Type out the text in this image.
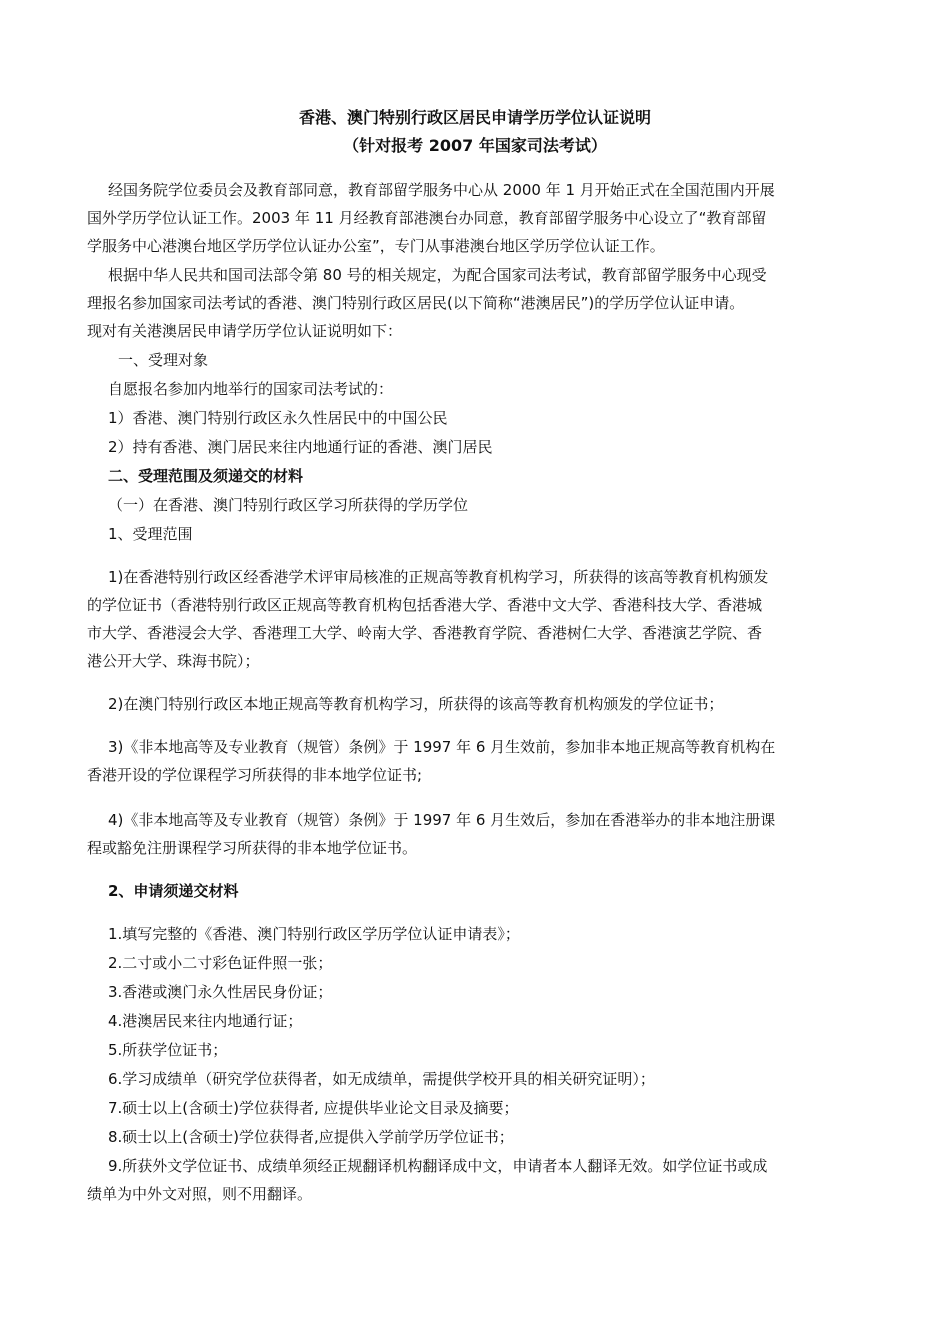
香港、澳门特别行政区居民申请学历学位认证说明
（针对报考 2007 年国家司法考试）
经国务院学位委员会及教育部同意，教育部留学服务中心从 2000 年 1 月开始正式在全国范围内开展
国外学历学位认证工作。2003 年 11 月经教育部港澳台办同意，教育部留学服务中心设立了“教育部留
学服务中心港澳台地区学历学位认证办公室”，专门从事港澳台地区学历学位认证工作。
根据中华人民共和国司法部令第 80 号的相关规定，为配合国家司法考试，教育部留学服务中心现受
理报名参加国家司法考试的香港、澳门特别行政区居民(以下简称“港澳居民”)的学历学位认证申请。
现对有关港澳居民申请学历学位认证说明如下：
一、受理对象
自愿报名参加内地举行的国家司法考试的：
1）香港、澳门特别行政区永久性居民中的中国公民
2）持有香港、澳门居民来往内地通行证的香港、澳门居民
二、受理范围及须递交的材料
（一）在香港、澳门特别行政区学习所获得的学历学位
1、受理范围
1)在香港特别行政区经香港学术评审局核准的正规高等教育机构学习，所获得的该高等教育机构颁发
的学位证书（香港特别行政区正规高等教育机构包括香港大学、香港中文大学、香港科技大学、香港城
市大学、香港浸会大学、香港理工大学、岭南大学、香港教育学院、香港树仁大学、香港演艺学院、香
港公开大学、珠海书院）；
2)在澳门特别行政区本地正规高等教育机构学习，所获得的该高等教育机构颁发的学位证书；
3)《非本地高等及专业教育（规管）条例》于 1997 年 6 月生效前，参加非本地正规高等教育机构在
香港开设的学位课程学习所获得的非本地学位证书;
4)《非本地高等及专业教育（规管）条例》于 1997 年 6 月生效后，参加在香港举办的非本地注册课
程或豁免注册课程学习所获得的非本地学位证书。
2、申请须递交材料
1.填写完整的《香港、澳门特别行政区学历学位认证申请表》；
2.二寸或小二寸彩色证件照一张；
3.香港或澳门永久性居民身份证；
4.港澳居民来往内地通行证；
5.所获学位证书；
6.学习成绩单（研究学位获得者，如无成绩单，需提供学校开具的相关研究证明）；
7.硕士以上(含硕士)学位获得者, 应提供毕业论文目录及摘要；
8.硕士以上(含硕士)学位获得者,应提供入学前学历学位证书；
9.所获外文学位证书、成绩单须经正规翻译机构翻译成中文，申请者本人翻译无效。如学位证书或成
绩单为中外文对照，则不用翻译。
